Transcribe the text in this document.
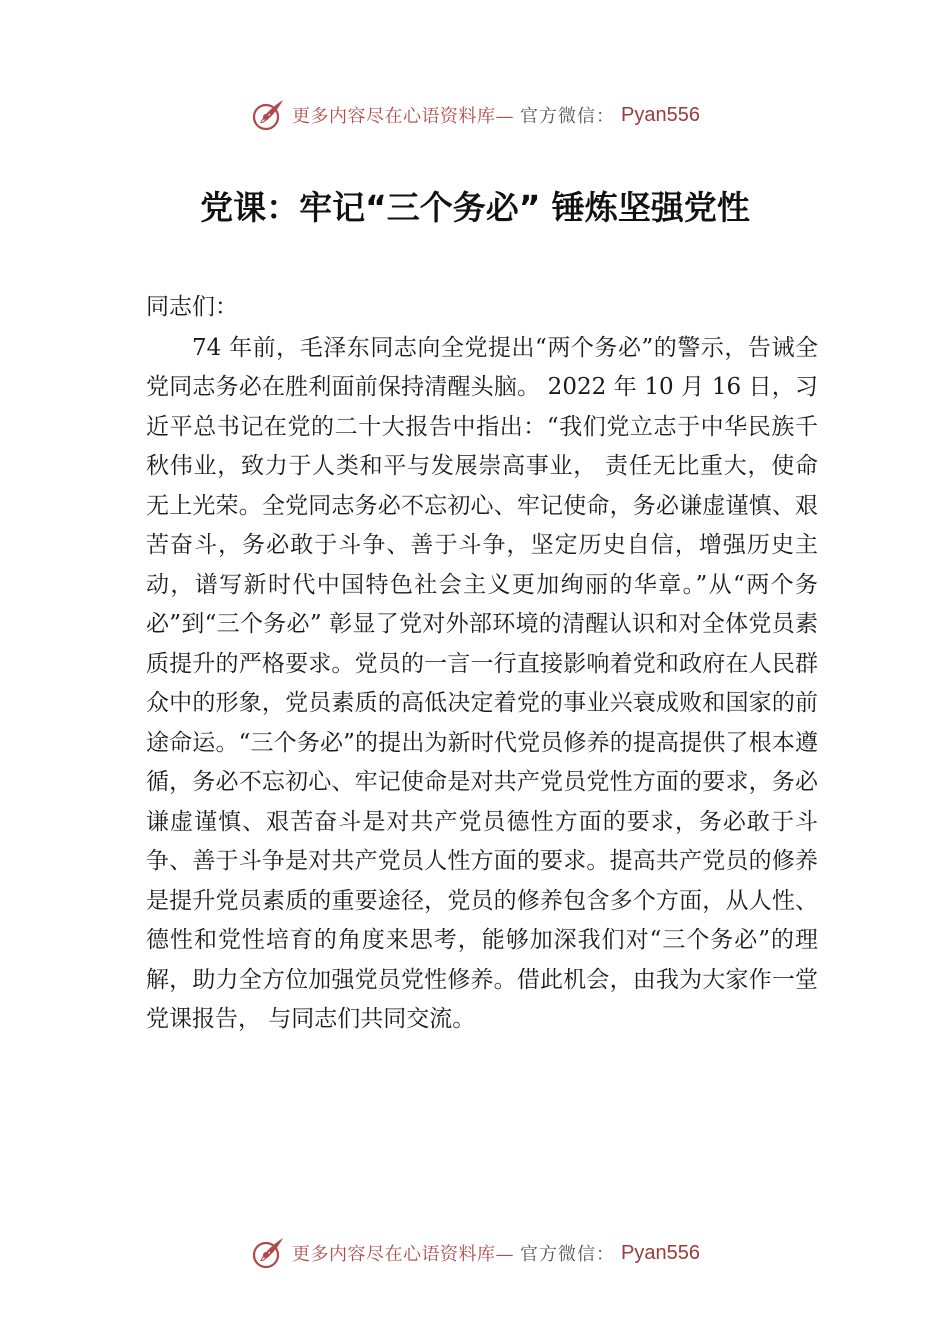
更多内容尽在心语资料库— 官方微信： Pyan556
党课：牢记“三个务必” 锤炼坚强党性

同志们：

74 年前，毛泽东同志向全党提出“两个务必”的警示，告诫全党同志务必在胜利面前保持清醒头脑。 2022 年 10 月 16 日，习近平总书记在党的二十大报告中指出：“我们党立志于中华民族千秋伟业，致力于人类和平与发展崇高事业， 责任无比重大，使命无上光荣。全党同志务必不忘初心、牢记使命，务必谦虚谨慎、艰苦奋斗，务必敢于斗争、善于斗争，坚定历史自信，增强历史主动，谱写新时代中国特色社会主义更加绚丽的华章。”从“两个务必”到“三个务必” 彰显了党对外部环境的清醒认识和对全体党员素质提升的严格要求。党员的一言一行直接影响着党和政府在人民群众中的形象，党员素质的高低决定着党的事业兴衰成败和国家的前途命运。“三个务必”的提出为新时代党员修养的提高提供了根本遵循，务必不忘初心、牢记使命是对共产党员党性方面的要求，务必谦虚谨慎、艰苦奋斗是对共产党员德性方面的要求，务必敢于斗争、善于斗争是对共产党员人性方面的要求。提高共产党员的修养是提升党员素质的重要途径，党员的修养包含多个方面，从人性、德性和党性培育的角度来思考，能够加深我们对“三个务必”的理解，助力全方位加强党员党性修养。借此机会，由我为大家作一堂党课报告， 与同志们共同交流。

更多内容尽在心语资料库— 官方微信： Pyan556
